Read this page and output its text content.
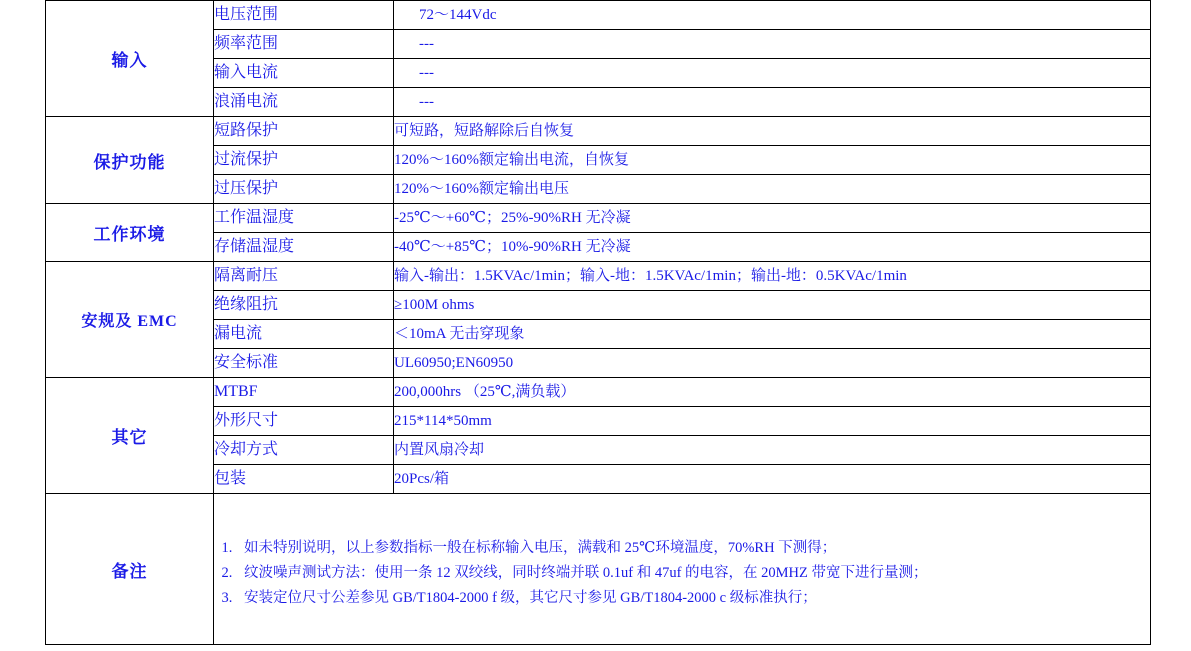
输入	电压范围	72～144Vdc
	频率范围	---
	输入电流	---
	浪涌电流	---
保护功能	短路保护	可短路，短路解除后自恢复
	过流保护	120%～160%额定输出电流，自恢复
	过压保护	120%～160%额定输出电压
工作环境	工作温湿度	-25℃～+60℃；25%-90%RH 无冷凝
	存储温湿度	-40℃～+85℃；10%-90%RH 无冷凝
安规及 EMC	隔离耐压	输入-输出：1.5KVAc/1min；输入-地：1.5KVAc/1min；输出-地：0.5KVAc/1min
	绝缘阻抗	≥100M ohms
	漏电流	＜10mA 无击穿现象
	安全标准	UL60950;EN60950
其它	MTBF	200,000hrs （25℃,满负载）
	外形尺寸	215*114*50mm
	冷却方式	内置风扇冷却
	包装	20Pcs/箱
备注	
1. 如未特别说明，以上参数指标一般在标称输入电压，满载和 25℃环境温度，70%RH 下测得；
2. 纹波噪声测试方法：使用一条 12 双绞线，同时终端并联 0.1uf 和 47uf 的电容，在 20MHZ 带宽下进行量测；
3. 安装定位尺寸公差参见 GB/T1804-2000 f 级，其它尺寸参见 GB/T1804-2000 c 级标准执行；
